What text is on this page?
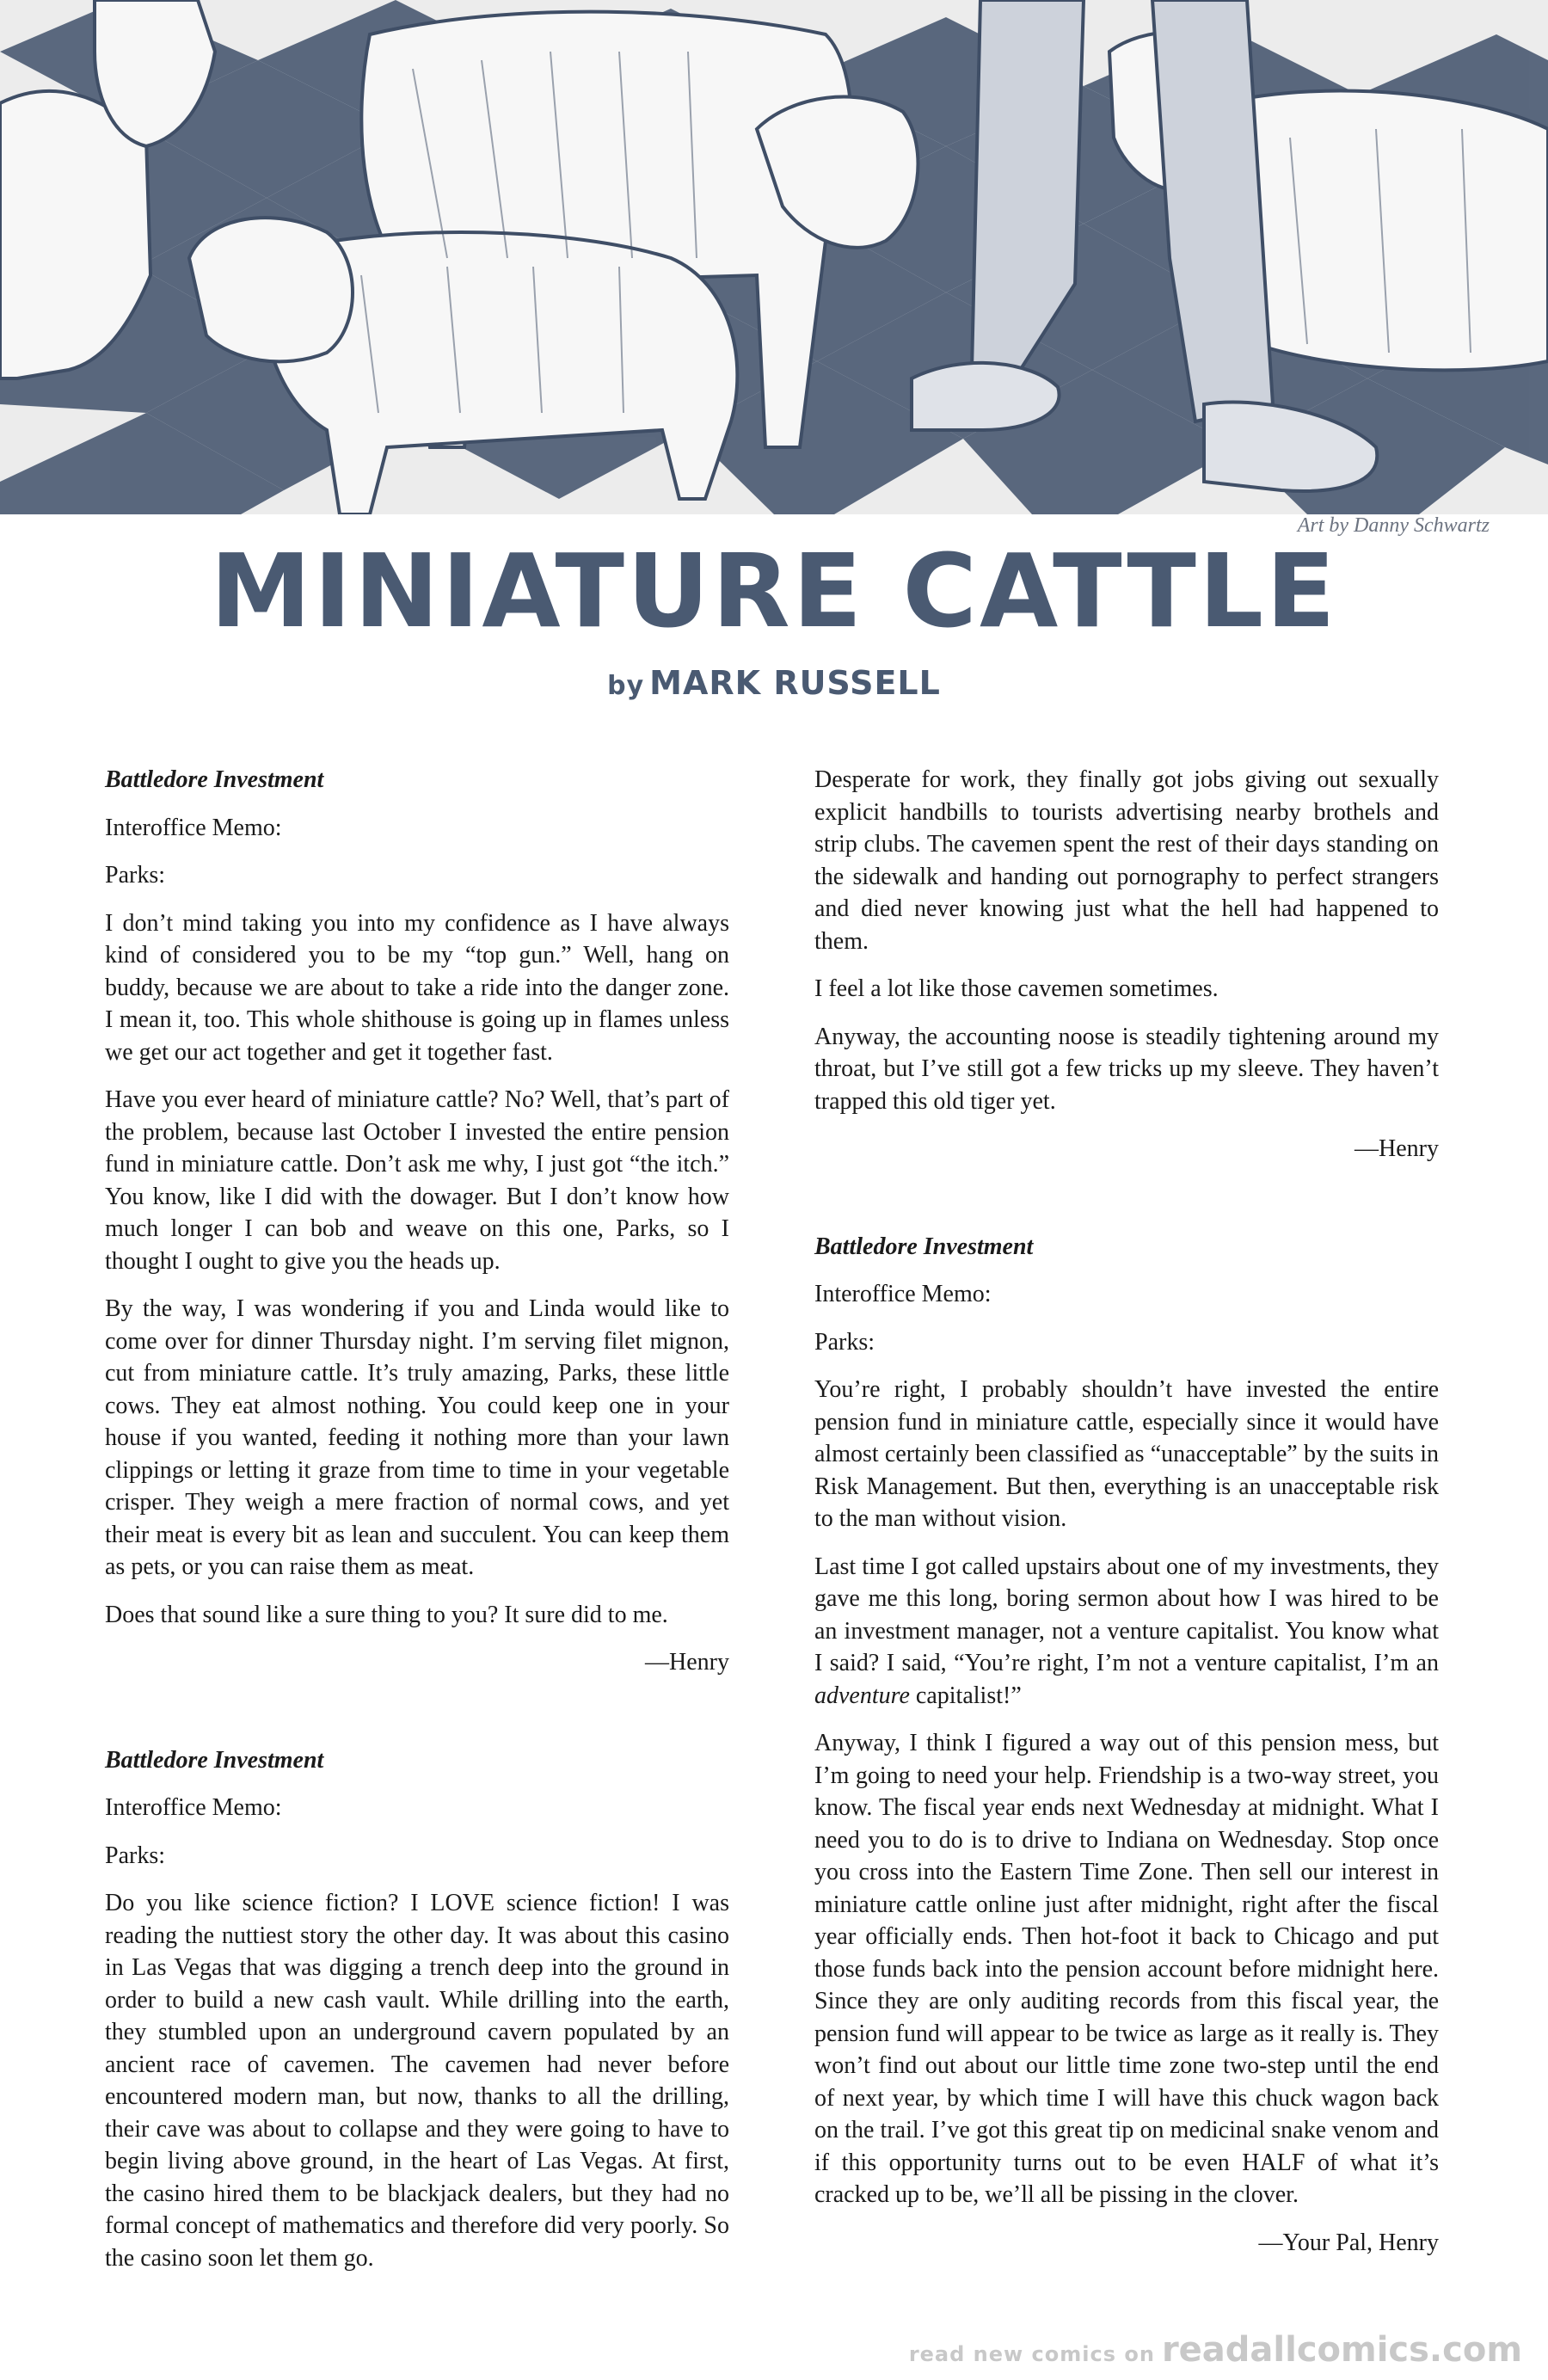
Art by Danny Schwartz
MINIATURE CATTLE
by MARK RUSSELL

Battledore Investment

Interoffice Memo:

Parks:

I don’t mind taking you into my confidence as I have always kind of considered you to be my “top gun.” Well, hang on buddy, because we are about to take a ride into the danger zone. I mean it, too. This whole shithouse is going up in flames unless we get our act together and get it together fast.

Have you ever heard of miniature cattle? No? Well, that’s part of the problem, because last October I invested the entire pension fund in miniature cattle. Don’t ask me why, I just got “the itch.” You know, like I did with the dowager. But I don’t know how much longer I can bob and weave on this one, Parks, so I thought I ought to give you the heads up.

By the way, I was wondering if you and Linda would like to come over for dinner Thursday night. I’m serving filet mignon, cut from miniature cattle. It’s truly amazing, Parks, these little cows. They eat almost nothing. You could keep one in your house if you wanted, feeding it nothing more than your lawn clippings or letting it graze from time to time in your vegetable crisper. They weigh a mere fraction of normal cows, and yet their meat is every bit as lean and succulent. You can keep them as pets, or you can raise them as meat.

Does that sound like a sure thing to you? It sure did to me.

—Henry

Battledore Investment

Interoffice Memo:

Parks:

Do you like science fiction? I LOVE science fiction! I was reading the nuttiest story the other day. It was about this casino in Las Vegas that was digging a trench deep into the ground in order to build a new cash vault. While drilling into the earth, they stumbled upon an underground cavern populated by an ancient race of cavemen. The cavemen had never before encountered modern man, but now, thanks to all the drilling, their cave was about to collapse and they were going to have to begin living above ground, in the heart of Las Vegas. At first, the casino hired them to be blackjack dealers, but they had no formal concept of mathematics and therefore did very poorly. So the casino soon let them go.

Desperate for work, they finally got jobs giving out sexually explicit handbills to tourists advertising nearby brothels and strip clubs. The cavemen spent the rest of their days standing on the sidewalk and handing out pornography to perfect strangers and died never knowing just what the hell had happened to them.

I feel a lot like those cavemen sometimes.

Anyway, the accounting noose is steadily tightening around my throat, but I’ve still got a few tricks up my sleeve. They haven’t trapped this old tiger yet.

—Henry

Battledore Investment

Interoffice Memo:

Parks:

You’re right, I probably shouldn’t have invested the entire pension fund in miniature cattle, especially since it would have almost certainly been classified as “unacceptable” by the suits in Risk Management. But then, everything is an unacceptable risk to the man without vision.

Last time I got called upstairs about one of my investments, they gave me this long, boring sermon about how I was hired to be an investment manager, not a venture capitalist. You know what I said? I said, “You’re right, I’m not a venture capitalist, I’m an adventure capitalist!”

Anyway, I think I figured a way out of this pension mess, but I’m going to need your help. Friendship is a two-way street, you know. The fiscal year ends next Wednesday at midnight. What I need you to do is to drive to Indiana on Wednesday. Stop once you cross into the Eastern Time Zone. Then sell our interest in miniature cattle online just after midnight, right after the fiscal year officially ends. Then hot-foot it back to Chicago and put those funds back into the pension account before midnight here. Since they are only auditing records from this fiscal year, the pension fund will appear to be twice as large as it really is. They won’t find out about our little time zone two-step until the end of next year, by which time I will have this chuck wagon back on the trail. I’ve got this great tip on medicinal snake venom and if this opportunity turns out to be even HALF of what it’s cracked up to be, we’ll all be pissing in the clover.

—Your Pal, Henry

read new comics on readallcomics.com
